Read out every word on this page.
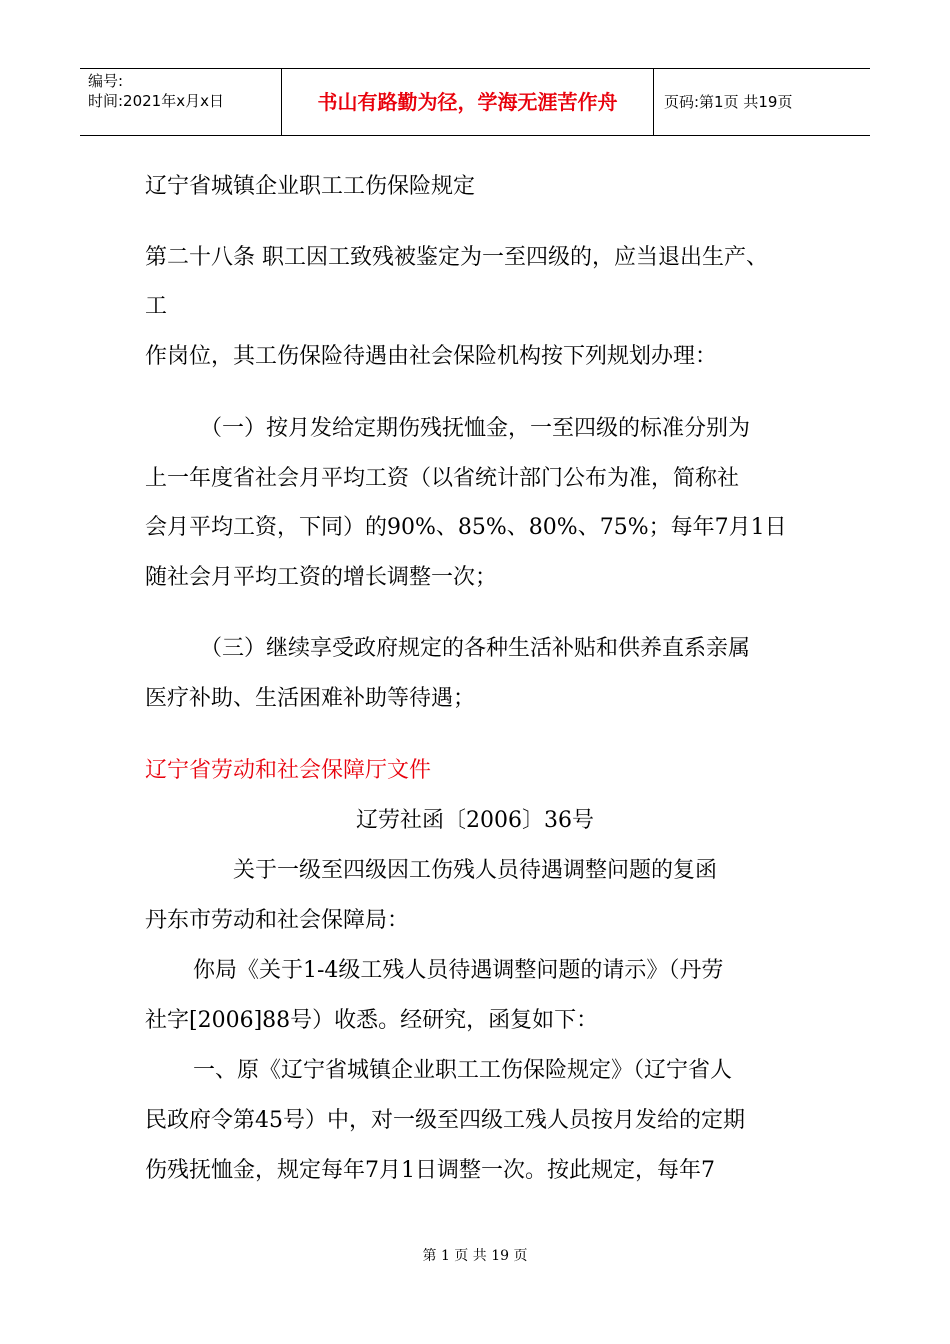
编号:
时间:2021年x月x日	书山有路勤为径，学海无涯苦作舟	页码:第1页 共19页
辽宁省城镇企业职工工伤保险规定
第二十八条 职工因工致残被鉴定为一至四级的，应当退出生产、
工
作岗位，其工伤保险待遇由社会保险机构按下列规划办理：
（一）按月发给定期伤残抚恤金，一至四级的标准分别为
上一年度省社会月平均工资（以省统计部门公布为准，简称社
会月平均工资，下同）的90%、85%、80%、75%；每年7月1日
随社会月平均工资的增长调整一次；
（三）继续享受政府规定的各种生活补贴和供养直系亲属
医疗补助、生活困难补助等待遇；
辽宁省劳动和社会保障厅文件
辽劳社函〔2006〕36号
关于一级至四级因工伤残人员待遇调整问题的复函
丹东市劳动和社会保障局：
你局《关于1-4级工残人员待遇调整问题的请示》（丹劳
社字[2006]88号）收悉。经研究，函复如下：
一、原《辽宁省城镇企业职工工伤保险规定》（辽宁省人
民政府令第45号）中，对一级至四级工残人员按月发给的定期
伤残抚恤金，规定每年7月1日调整一次。按此规定，每年7
第 1 页 共 19 页
